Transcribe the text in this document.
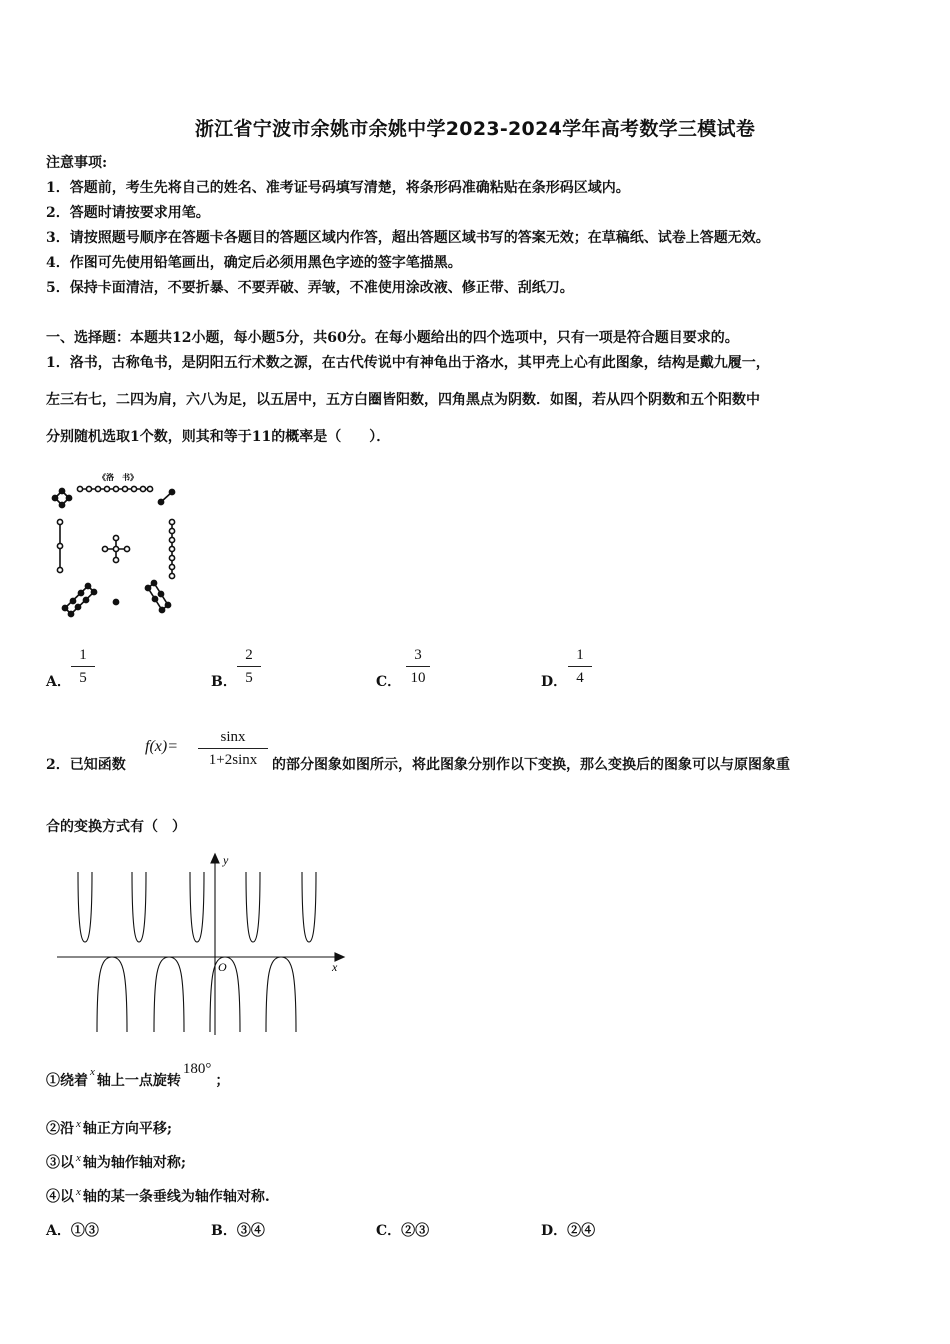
浙江省宁波市余姚市余姚中学2023-2024学年高考数学三模试卷
注意事项:
1．答题前，考生先将自己的姓名、准考证号码填写清楚，将条形码准确粘贴在条形码区域内。
2．答题时请按要求用笔。
3．请按照题号顺序在答题卡各题目的答题区域内作答，超出答题区域书写的答案无效；在草稿纸、试卷上答题无效。
4．作图可先使用铅笔画出，确定后必须用黑色字迹的签字笔描黑。
5．保持卡面清洁，不要折暴、不要弄破、弄皱，不准使用涂改液、修正带、刮纸刀。
一、选择题：本题共12小题，每小题5分，共60分。在每小题给出的四个选项中，只有一项是符合题目要求的。
1．洛书，古称龟书，是阴阳五行术数之源，在古代传说中有神龟出于洛水，其甲壳上心有此图象，结构是戴九履一，
左三右七，二四为肩，六八为足，以五居中，五方白圈皆阳数，四角黑点为阴数．如图，若从四个阴数和五个阳数中
分别随机选取1个数，则其和等于11的概率是（　　）．
《洛　书》
A．
1
5	B．
2
5	C．
3
10	D．
1
4
2．已知函数
f(x)=
sinx
1+2sinx	的部分图象如图所示，将此图象分别作以下变换，那么变换后的图象可以与原图象重
合的变换方式有（　）
y
x
O
①绕着$^x$轴上一点旋转180°；
②沿 $^x$ 轴正方向平移;
③以 $^x$ 轴为轴作轴对称;
④以 $^x$ 轴的某一条垂线为轴作轴对称.
A．①③	B．③④	C．②③	D．②④
